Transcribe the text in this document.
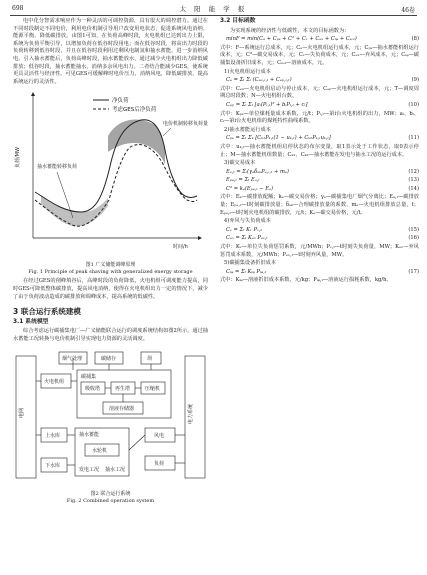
698	太 阳 能 学 报	46卷

电中化分智需求响应作为一种灵活的可调控资源，具有很大的调控潜力。通过在不同时段制定不同电价，利用电价机制引导用户改变用电状态，促进系统风电消纳、能源平衡、降低碳排放。由图1可知，在负荷高峰时段，火电机组已达到出力上限，系统为负荷平衡引导，以增加负荷在低谷时段用电；而在低谷时段，将高出力时段的负荷转移到低谷时段，并且在低谷时段利用过剩风电制氢和抽水蓄能，进一步消纳风电。引入抽水蓄能后，负荷高峰时段，抽水蓄能放水，通过减少火电机组出力降低碳排放；低谷时段，抽水蓄能抽水，消纳多余风电出力。二者结合能减少GES，使系统更具灵活性与经济性。可见GES可缓解峰时电价压力，消纳风电，降低碳排放，提高系统运行的灵活性。

净负荷
考虑GES后净负荷
电价机制转移负荷量
抽水蓄能转移负荷
时间/h
负荷/MW
图1 广义储能调峰原理
Fig. 1 Principle of peak shaving with generalized energy storage

在经过GES的削峰填谷后，高峰时段的负荷降低，火电机组可调度能力提高，同时GES可降低整体碳排放，提高风电消纳，使得在火电机组出力一定的情况下，减少了由于负荷波动造成的碳排放和调峰成本，提高系统的低碳性。

3 联合运行系统建模
3.1 系统模型

综合考虑运行碳捕集电厂—广义储能联合运行的调度系统结构如图2所示，通过抽水蓄能工况转换与电价机制引导实现电力资源的灵活调度。

电网	电力系统
烟气处理	碳储存	坝
火电机组
碳捕集
吸收塔	再生塔	压缩机
溶液存储器
上水库	抽水蓄能
水轮机
下水库
发电工况 抽水工况
风电
负荷
图2 联合运行系统
Fig. 2 Combined operation system
3.2 目标函数

为实现系统的经济性与低碳性，本文的目标函数为：

minF = min(Cₑ + Cₚₛ + Cᵈ + Cᵥ + Cₑₓ + Cᵢᵩ + Cₛₒₗ)	(8)

式中：F—系统运行总成本，元；Cₑ—火电机组运行成本，元；Cₚₛ—抽水蓄能机组运行成本，元；Cᵈ—碳交易成本，元；Cᵥ—失负荷成本，元；Cₑₓ—弃风成本，元；Cᵢᵩ—碳捕集设备折旧成本，元；Cₛₒₗ—溶液成本，元。

1)火电机组运行成本
Cₑ = Σₜ Σᵢ (Cₑᵤ,ᵢ,ₜ + Cₑₚ,ᵢ,ₜ)	(9)

式中：Cₑᵤ—火电机组启动与停止成本，元；Cₑₚ—火电机组运行成本，元；T—调度周期总时段数；N—火电机组台数。

Cₑₚ = Σᵢ Σₜ [aᵢ(Pᵢ,ₜ)² + bᵢPᵢ,ₜ + cᵢ]	(10)

式中：Kₚₛ—单位煤耗量成本系数，元/t；Pᵢ,ₜ—第i台火电机组的出力，MW；aᵢ、bᵢ、cᵢ—第i台火电机组的煤耗特性曲线系数。

2)抽水蓄能运行成本
Cₚₛ = Σₜ Σₖ [Cₖ₁Pₖ,ₜ(1 − uₖ,ₜ) + Cₖ₂Pₖ,ₜuₖ,ₜ]	(11)

式中：uₖ,ₜ—抽水蓄能机组启停状态的布尔变量，取1表示处于工作状态，取0表示停止；M—抽水蓄能机组数量；Cₖ₁、Cₖ₂—抽水蓄能在发电与抽水工况的运行成本。

3)碳交易成本
Eₐ,ₜ = Σᵢ(γₑδₑₖPₑ,ᵢ,ₜ + mₑ)	(12)
Eₚₑ,ₜ = Σₜ Eₐ,ₜ	(13)
Cᵈ = kₑ(Eₚₑ,ₜ − Eₐ)	(14)

式中：Eₐ—碳排放配额；kₑ—碳交易价格；γₑ—碳捕集电厂烟气分离比；Eₐ,ₜ—碳排放量；Eₚₑ,ₜ—t时刻碳排放量；δₑₖ—合理碳排放量的系数，mₑ—火电机组排放总量，t；Eₚₑ,ₜ—t时刻火电机组的碳排放，元/t；Kₑ—碳交易价格，元/t。

4)弃风与失负荷成本
Cᵥ = Σₜ Kᵥ Pᵥ,ₜ	(15)
Cₑₓ = Σₜ Kₑₓ Pₑₓ,ₜ	(16)

式中：Kᵥ—单位失负荷惩罚系数，元/MWh；Pᵥ,ₜ—t时刻失负荷量，MW；Kₑₓ—弃风惩罚成本系数，元/MWh；Pₑₓ,ₜ—t时刻弃风量，MW。

5)碳捕集设备折旧成本
Cᵢᵩ = Σₜ Kᵢᵩ Pᵢᵩ,ₜ	(17)

式中：Kᵢᵩ—溶液折旧成本系数，元/kg；Pᵢᵩ,ₜ—溶液运行损耗系数，kg/h。
